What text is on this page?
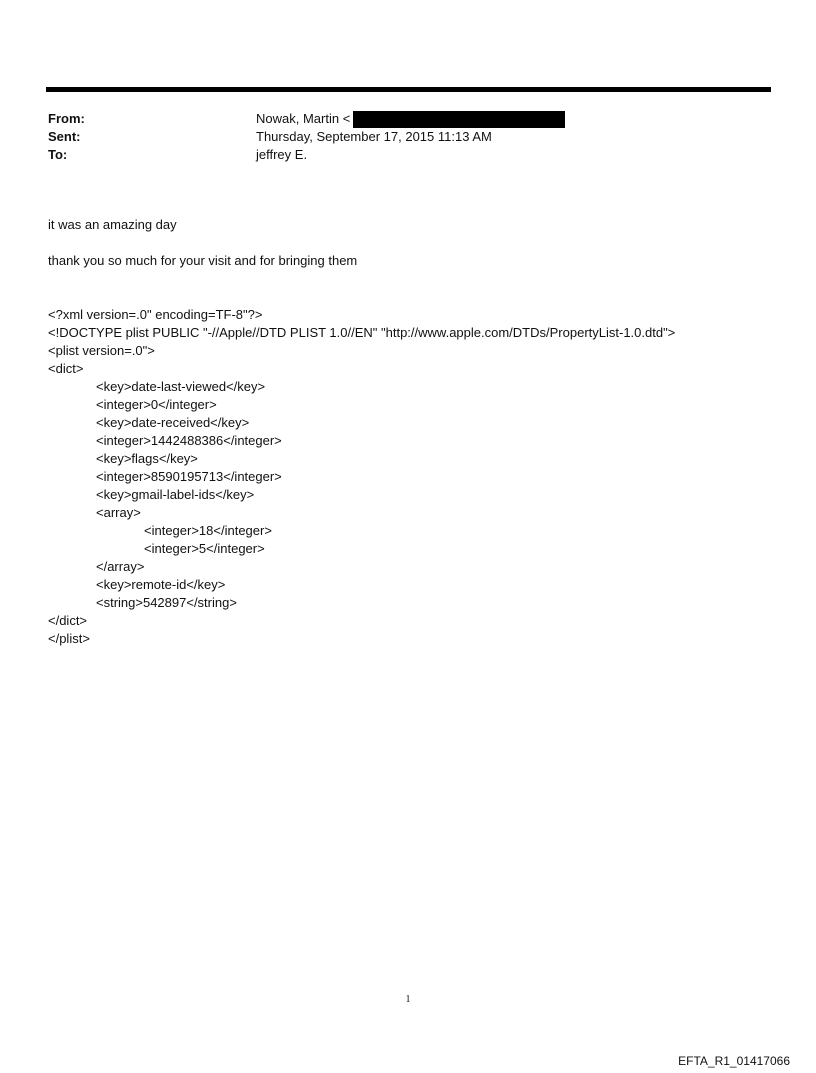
From:	Nowak, Martin <
Sent:	Thursday, September 17, 2015 11:13 AM
To:	jeffrey E.

it was an amazing day

thank you so much for your visit and for bringing them

<?xml version=.0" encoding=TF-8"?>
<!DOCTYPE plist PUBLIC "-//Apple//DTD PLIST 1.0//EN" "http://www.apple.com/DTDs/PropertyList-1.0.dtd">
<plist version=.0">
<dict>
<key>date-last-viewed</key>
<integer>0</integer>
<key>date-received</key>
<integer>1442488386</integer>
<key>flags</key>
<integer>8590195713</integer>
<key>gmail-label-ids</key>
<array>
<integer>18</integer>
<integer>5</integer>
</array>
<key>remote-id</key>
<string>542897</string>
</dict>
</plist>
1
EFTA_R1_01417066
